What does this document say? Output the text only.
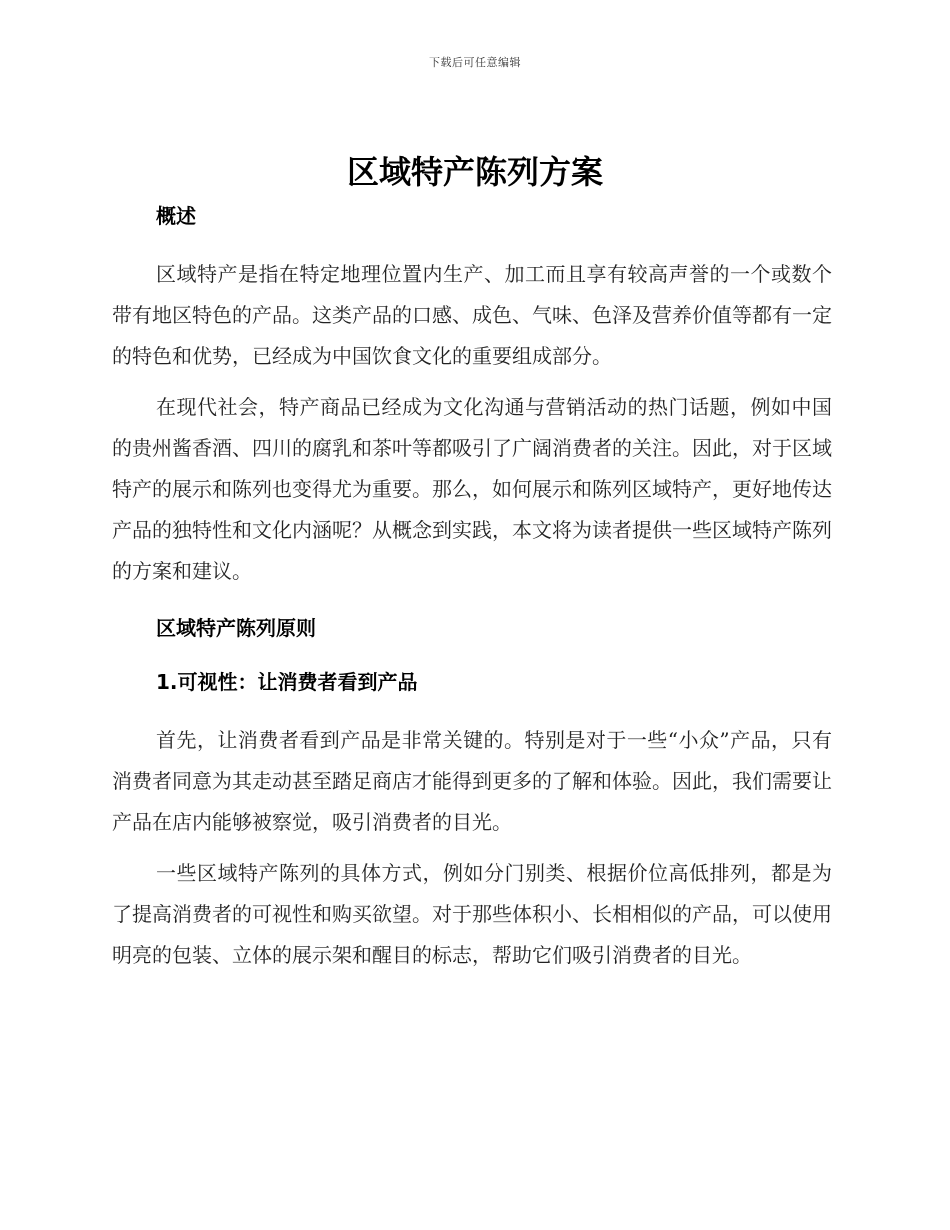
下载后可任意编辑
区域特产陈列方案
概述

区域特产是指在特定地理位置内生产、加工而且享有较高声誉的一个或数个带有地区特色的产品。这类产品的口感、成色、气味、色泽及营养价值等都有一定的特色和优势，已经成为中国饮食文化的重要组成部分。

在现代社会，特产商品已经成为文化沟通与营销活动的热门话题，例如中国的贵州酱香酒、四川的腐乳和茶叶等都吸引了广阔消费者的关注。因此，对于区域特产的展示和陈列也变得尤为重要。那么，如何展示和陈列区域特产，更好地传达产品的独特性和文化内涵呢？从概念到实践，本文将为读者提供一些区域特产陈列的方案和建议。

区域特产陈列原则
1.可视性：让消费者看到产品

首先，让消费者看到产品是非常关键的。特别是对于一些“小众”产品，只有消费者同意为其走动甚至踏足商店才能得到更多的了解和体验。因此，我们需要让产品在店内能够被察觉，吸引消费者的目光。

一些区域特产陈列的具体方式，例如分门别类、根据价位高低排列，都是为了提高消费者的可视性和购买欲望。对于那些体积小、长相相似的产品，可以使用明亮的包装、立体的展示架和醒目的标志，帮助它们吸引消费者的目光。
